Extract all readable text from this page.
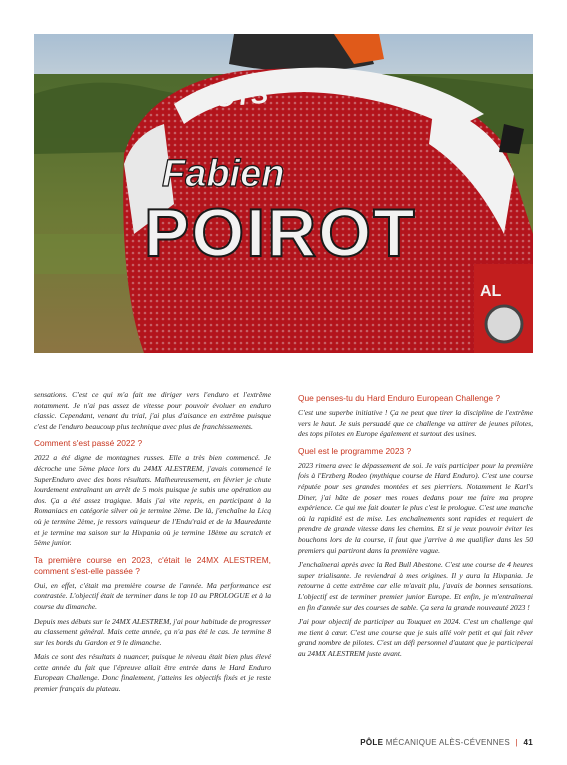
MOTS
Fabien
POIROT
AL

sensations. C'est ce qui m'a fait me diriger vers l'enduro et l'extrême notamment. Je n'ai pas assez de vitesse pour pouvoir évoluer en enduro classic. Cependant, venant du trial, j'ai plus d'aisance en extrême puisque c'est de l'enduro beaucoup plus technique avec plus de franchissements.

Comment s'est passé 2022 ?

2022 a été digne de montagnes russes. Elle a très bien commencé. Je décroche une 5ème place lors du 24MX ALESTREM, j'avais commencé le SuperEnduro avec des bons résultats. Malheureusement, en février je chute lourdement entraînant un arrêt de 5 mois puisque je subis une opération au dos. Ça a été assez tragique. Mais j'ai vite repris, en participant à la Romaniacs en catégorie silver où je termine 2ème. De là, j'enchaîne la Licq où je termine 2ème, je ressors vainqueur de l'Endu'raid et de la Mauredante et je termine ma saison sur la Hixpania où je termine 18ème au scratch et 5ème junior.

Ta première course en 2023, c'était le 24MX ALESTREM, comment s'est-elle passée ?

Oui, en effet, c'était ma première course de l'année. Ma performance est contrastée. L'objectif était de terminer dans le top 10 au PROLOGUE et à la course du dimanche.

Depuis mes débuts sur le 24MX ALESTREM, j'ai pour habitude de progresser au classement général. Mais cette année, ça n'a pas été le cas. Je termine 8 sur les bords du Gardon et 9 le dimanche.

Mais ce sont des résultats à nuancer, puisque le niveau était bien plus élevé cette année du fait que l'épreuve allait être entrée dans le Hard Enduro European Challenge. Donc finalement, j'atteins les objectifs fixés et je reste premier français du plateau.

Que penses-tu du Hard Enduro European Challenge ?

C'est une superbe initiative ! Ça ne peut que tirer la discipline de l'extrême vers le haut. Je suis persuadé que ce challenge va attirer de jeunes pilotes, des tops pilotes en Europe également et surtout des usines.

Quel est le programme 2023 ?

2023 rimera avec le dépassement de soi. Je vais participer pour la première fois à l'Erzberg Rodeo (mythique course de Hard Enduro). C'est une course réputée pour ses grandes montées et ses pierriers. Notamment le Karl's Diner, j'ai hâte de poser mes roues dedans pour me faire ma propre expérience. Ce qui me fait douter le plus c'est le prologue. C'est une manche où la rapidité est de mise. Les enchaînements sont rapides et requiert de prendre de grande vitesse dans les chemins. Et si je veux pouvoir éviter les bouchons lors de la course, il faut que j'arrive à me qualifier dans les 50 premiers qui partiront dans la première vague.

J'enchaînerai après avec la Red Bull Abestone. C'est une course de 4 heures super trialisante. Je reviendrai à mes origines. Il y aura la Hixpania. Je retourne à cette extrême car elle m'avait plu, j'avais de bonnes sensations. L'objectif est de terminer premier junior Europe. Et enfin, je m'entraînerai en fin d'année sur des courses de sable. Ça sera la grande nouveauté 2023 !

J'ai pour objectif de participer au Touquet en 2024. C'est un challenge qui me tient à cœur. C'est une course que je suis allé voir petit et qui fait rêver grand nombre de pilotes. C'est un défi personnel d'autant que je participerai au 24MX ALESTREM juste avant.

PÔLE MÉCANIQUE ALÈS-CÉVENNES | 41
